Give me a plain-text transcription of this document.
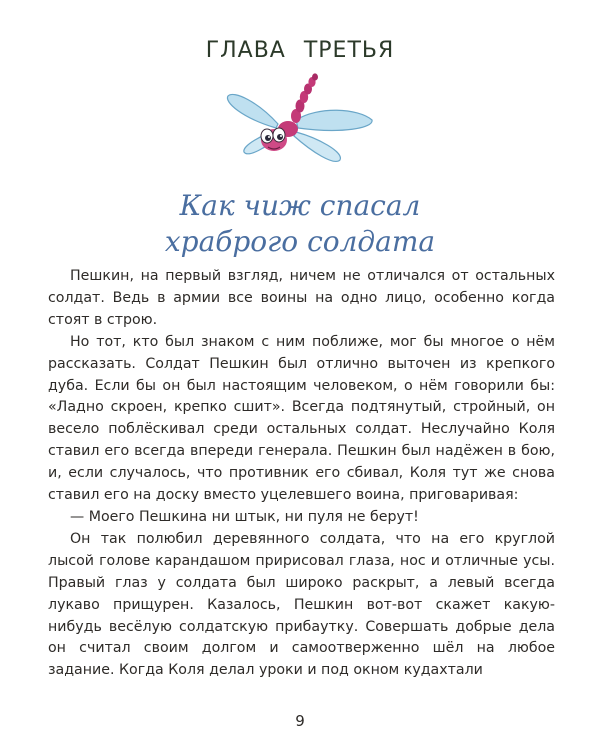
ГЛАВА ТРЕТЬЯ
Как чиж спасал
храброго солдата

Пешкин, на первый взгляд, ничем не отличался от остальных солдат. Ведь в армии все воины на одно лицо, особенно когда стоят в строю.

Но тот, кто был знаком с ним поближе, мог бы многое о нём рассказать. Солдат Пешкин был отлично выточен из крепкого дуба. Если бы он был настоящим человеком, о нём говорили бы: «Ладно скроен, крепко сшит». Всегда подтянутый, стройный, он весело поблёскивал среди остальных солдат. Неслучайно Коля ставил его всегда впереди генерала. Пешкин был надёжен в бою, и, если случалось, что противник его сбивал, Коля тут же снова ставил его на доску вместо уцелевшего воина, приговаривая:

— Моего Пешкина ни штык, ни пуля не берут!

Он так полюбил деревянного солдата, что на его круглой лысой голове карандашом пририсовал глаза, нос и отличные усы. Правый глаз у солдата был широко раскрыт, а левый всегда лукаво прищурен. Казалось, Пешкин вот-вот скажет какую-нибудь весёлую солдатскую прибаутку. Совершать добрые дела он считал своим долгом и самоотверженно шёл на любое задание. Когда Коля делал уроки и под окном кудахтали

9
